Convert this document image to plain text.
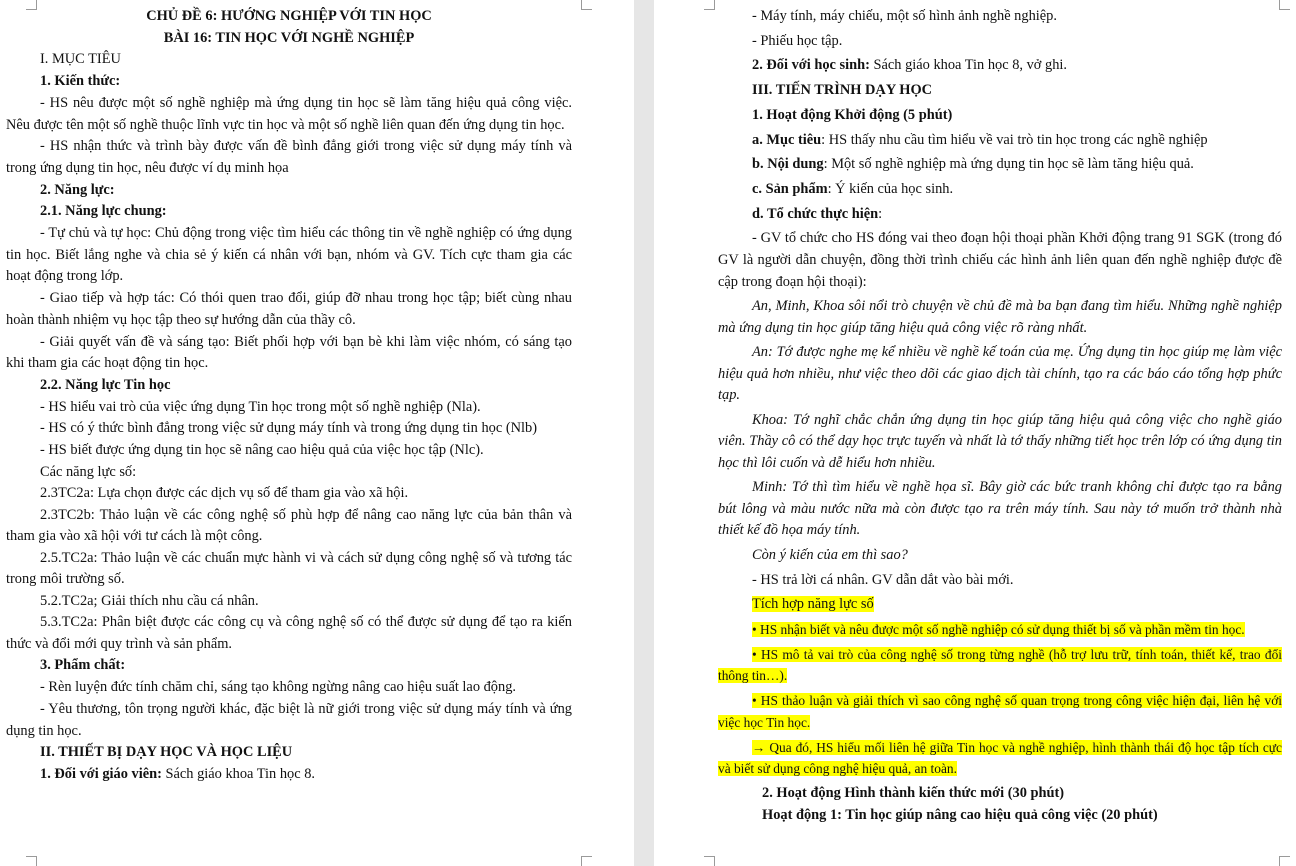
CHỦ ĐỀ 6: HƯỚNG NGHIỆP VỚI TIN HỌC

BÀI 16: TIN HỌC VỚI NGHỀ NGHIỆP

I. MỤC TIÊU

1. Kiến thức:

- HS nêu được một số nghề nghiệp mà ứng dụng tin học sẽ làm tăng hiệu quả công việc. Nêu được tên một số nghề thuộc lĩnh vực tin học và một số nghề liên quan đến ứng dụng tin học.

- HS nhận thức và trình bày được vấn đề bình đẳng giới trong việc sử dụng máy tính và trong ứng dụng tin học, nêu được ví dụ minh họa

2. Năng lực:

2.1. Năng lực chung:

- Tự chủ và tự học: Chủ động trong việc tìm hiểu các thông tin về nghề nghiệp có ứng dụng tin học. Biết lắng nghe và chia sẻ ý kiến cá nhân với bạn, nhóm và GV. Tích cực tham gia các hoạt động trong lớp.

- Giao tiếp và hợp tác: Có thói quen trao đổi, giúp đỡ nhau trong học tập; biết cùng nhau hoàn thành nhiệm vụ học tập theo sự hướng dẫn của thầy cô.

- Giải quyết vấn đề và sáng tạo: Biết phối hợp với bạn bè khi làm việc nhóm, có sáng tạo khi tham gia các hoạt động tin học.

2.2. Năng lực Tin học

- HS hiểu vai trò của việc ứng dụng Tin học trong một số nghề nghiệp (Nla).

- HS có ý thức bình đẳng trong việc sử dụng máy tính và trong ứng dụng tin học (Nlb)

- HS biết được ứng dụng tin học sẽ nâng cao hiệu quả của việc học tập (Nlc).

Các năng lực số:

2.3TC2a: Lựa chọn được các dịch vụ số để tham gia vào xã hội.

2.3TC2b: Thảo luận về các công nghệ số phù hợp để nâng cao năng lực của bản thân và tham gia vào xã hội với tư cách là một công.

2.5.TC2a: Thảo luận về các chuẩn mực hành vi và cách sử dụng công nghệ số và tương tác trong môi trường số.

5.2.TC2a; Giải thích nhu cầu cá nhân.

5.3.TC2a: Phân biệt được các công cụ và công nghệ số có thể được sử dụng để tạo ra kiến thức và đổi mới quy trình và sản phẩm.

3. Phẩm chất:

- Rèn luyện đức tính chăm chỉ, sáng tạo không ngừng nâng cao hiệu suất lao động.

- Yêu thương, tôn trọng người khác, đặc biệt là nữ giới trong việc sử dụng máy tính và ứng dụng tin học.

II. THIẾT BỊ DẠY HỌC VÀ HỌC LIỆU

1. Đối với giáo viên: Sách giáo khoa Tin học 8.

- Máy tính, máy chiếu, một số hình ảnh nghề nghiệp.

- Phiếu học tập.

2. Đối với học sinh: Sách giáo khoa Tin học 8, vở ghi.

III. TIẾN TRÌNH DẠY HỌC

1. Hoạt động Khởi động (5 phút)

a. Mục tiêu: HS thấy nhu cầu tìm hiểu về vai trò tin học trong các nghề nghiệp

b. Nội dung: Một số nghề nghiệp mà ứng dụng tin học sẽ làm tăng hiệu quả.

c. Sản phẩm: Ý kiến của học sinh.

d. Tổ chức thực hiện:

- GV tổ chức cho HS đóng vai theo đoạn hội thoại phần Khởi động trang 91 SGK (trong đó GV là người dẫn chuyện, đồng thời trình chiếu các hình ảnh liên quan đến nghề nghiệp được đề cập trong đoạn hội thoại):

An, Minh, Khoa sôi nổi trò chuyện về chủ đề mà ba bạn đang tìm hiểu. Những nghề nghiệp mà ứng dụng tin học giúp tăng hiệu quả công việc rõ ràng nhất.

An: Tớ được nghe mẹ kể nhiều về nghề kế toán của mẹ. Ứng dụng tin học giúp mẹ làm việc hiệu quả hơn nhiều, như việc theo dõi các giao dịch tài chính, tạo ra các báo cáo tổng hợp phức tạp.

Khoa: Tớ nghĩ chắc chắn ứng dụng tin học giúp tăng hiệu quả công việc cho nghề giáo viên. Thầy cô có thể dạy học trực tuyến và nhất là tớ thấy những tiết học trên lớp có ứng dụng tin học thì lôi cuốn và dễ hiểu hơn nhiều.

Minh: Tớ thì tìm hiểu về nghề họa sĩ. Bây giờ các bức tranh không chỉ được tạo ra bằng bút lông và màu nước nữa mà còn được tạo ra trên máy tính. Sau này tớ muốn trở thành nhà thiết kế đồ họa máy tính.

Còn ý kiến của em thì sao?

- HS trả lời cá nhân. GV dẫn dắt vào bài mới.

Tích hợp năng lực số

• HS nhận biết và nêu được một số nghề nghiệp có sử dụng thiết bị số và phần mềm tin học.

• HS mô tả vai trò của công nghệ số trong từng nghề (hỗ trợ lưu trữ, tính toán, thiết kế, trao đổi thông tin…).

• HS thảo luận và giải thích vì sao công nghệ số quan trọng trong công việc hiện đại, liên hệ với việc học Tin học.

→ Qua đó, HS hiểu mối liên hệ giữa Tin học và nghề nghiệp, hình thành thái độ học tập tích cực và biết sử dụng công nghệ hiệu quả, an toàn.

2. Hoạt động Hình thành kiến thức mới (30 phút)

Hoạt động 1: Tin học giúp nâng cao hiệu quả công việc (20 phút)
